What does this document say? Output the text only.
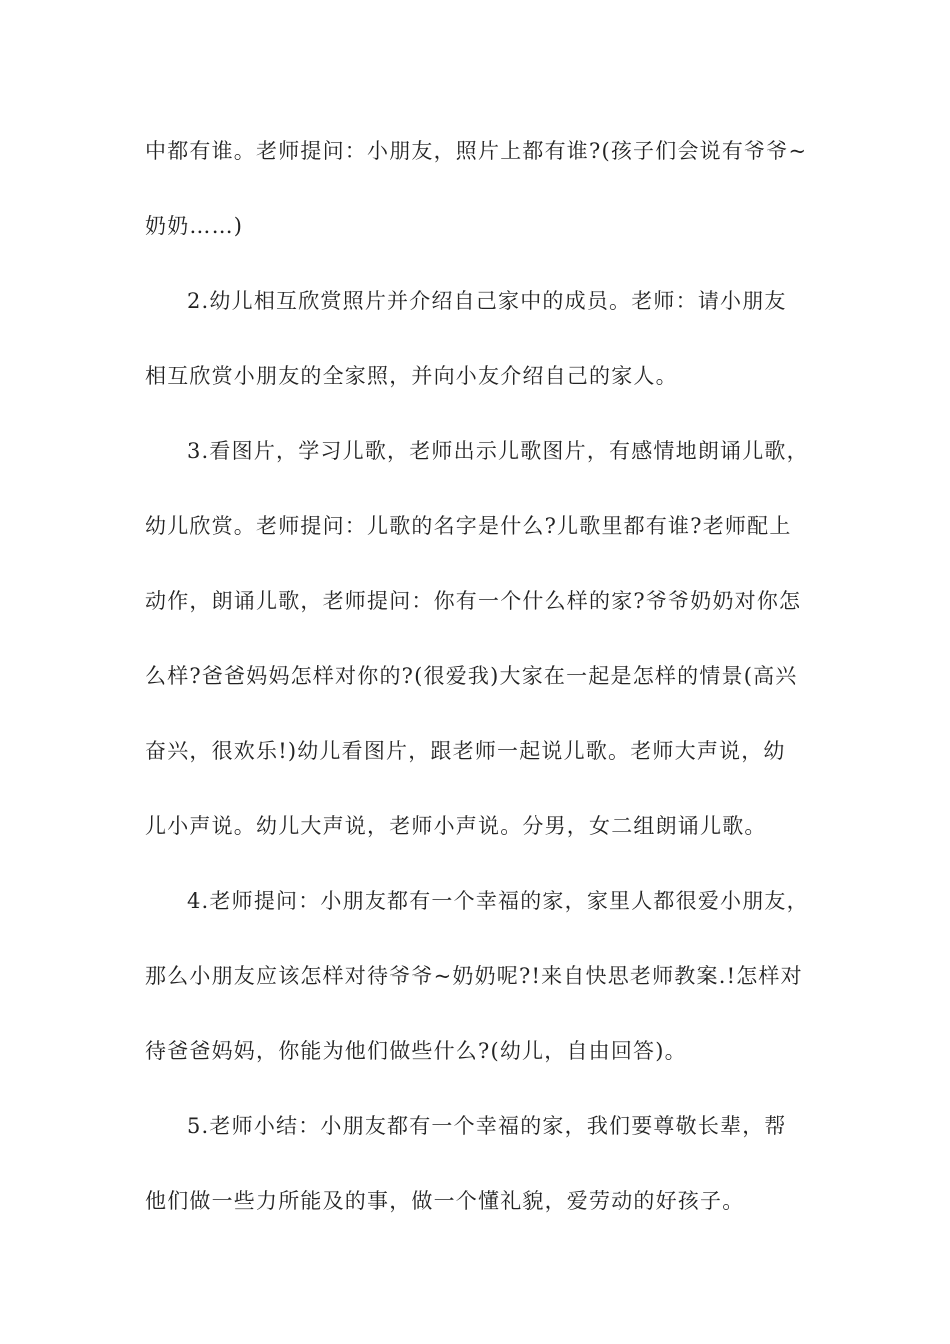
中都有谁。老师提问：小朋友，照片上都有谁?(孩子们会说有爷爷~
奶奶……)
2.幼儿相互欣赏照片并介绍自己家中的成员。老师：请小朋友
相互欣赏小朋友的全家照，并向小友介绍自己的家人。
3.看图片，学习儿歌，老师出示儿歌图片，有感情地朗诵儿歌，
幼儿欣赏。老师提问：儿歌的名字是什么?儿歌里都有谁?老师配上
动作，朗诵儿歌，老师提问：你有一个什么样的家?爷爷奶奶对你怎
么样?爸爸妈妈怎样对你的?(很爱我)大家在一起是怎样的情景(高兴
奋兴，很欢乐!)幼儿看图片，跟老师一起说儿歌。老师大声说，幼
儿小声说。幼儿大声说，老师小声说。分男，女二组朗诵儿歌。
4.老师提问：小朋友都有一个幸福的家，家里人都很爱小朋友，
那么小朋友应该怎样对待爷爷~奶奶呢?!来自快思老师教案.!怎样对
待爸爸妈妈，你能为他们做些什么?(幼儿，自由回答)。
5.老师小结：小朋友都有一个幸福的家，我们要尊敬长辈，帮
他们做一些力所能及的事，做一个懂礼貌，爱劳动的好孩子。
